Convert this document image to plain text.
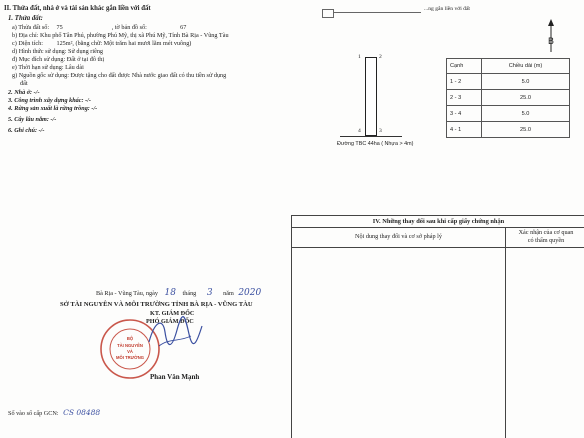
II. Thửa đất, nhà ở và tài sản khác gắn liền với đất
1. Thửa đất:
a) Thửa đất số: 75	, tờ bản đồ số:	67
b) Địa chỉ: Khu phố Tân Phú, phường Phú Mỹ, thị xã Phú Mỹ, Tỉnh Bà Rịa - Vũng Tàu
c) Diện tích: 125m², (bằng chữ: Một trăm hai mươi lăm mét vuông)
d) Hình thức sử dụng: Sử dụng riêng
đ) Mục đích sử dụng: Đất ở tại đô thị
e) Thời hạn sử dụng: Lâu dài
g) Nguồn gốc sử dụng: Được tặng cho đất được Nhà nước giao đất có thu tiền sử dụng
đất
2. Nhà ở: -/-
3. Công trình xây dựng khác: -/-
4. Rừng sản xuất là rừng trồng: -/-
5. Cây lâu năm: -/-
6. Ghi chú: -/-
...ng gắn liền với đất
B
1	2
3
4
Đường TBC 44ha ( Nhựa > 4m)
Cạnh	Chiều dài (m)
1 - 2	5.0
2 - 3	25.0
3 - 4	5.0
4 - 1	25.0
IV. Những thay đổi sau khi cấp giấy chứng nhận
Nội dung thay đổi và cơ sở pháp lý
Xác nhận của cơ quan
có thẩm quyền
Bà Rịa - Vũng Tàu, ngày 18 tháng 3 năm 2020
SỞ TÀI NGUYÊN VÀ MÔI TRƯỜNG TỈNH BÀ RỊA - VŨNG TÀU
KT. GIÁM ĐỐC
PHÓ GIÁM ĐỐC
BỘ
TÀI NGUYÊN
VÀ
MÔI TRƯỜNG
Phan Văn Mạnh
Số vào sổ cấp GCN: CS 08488
